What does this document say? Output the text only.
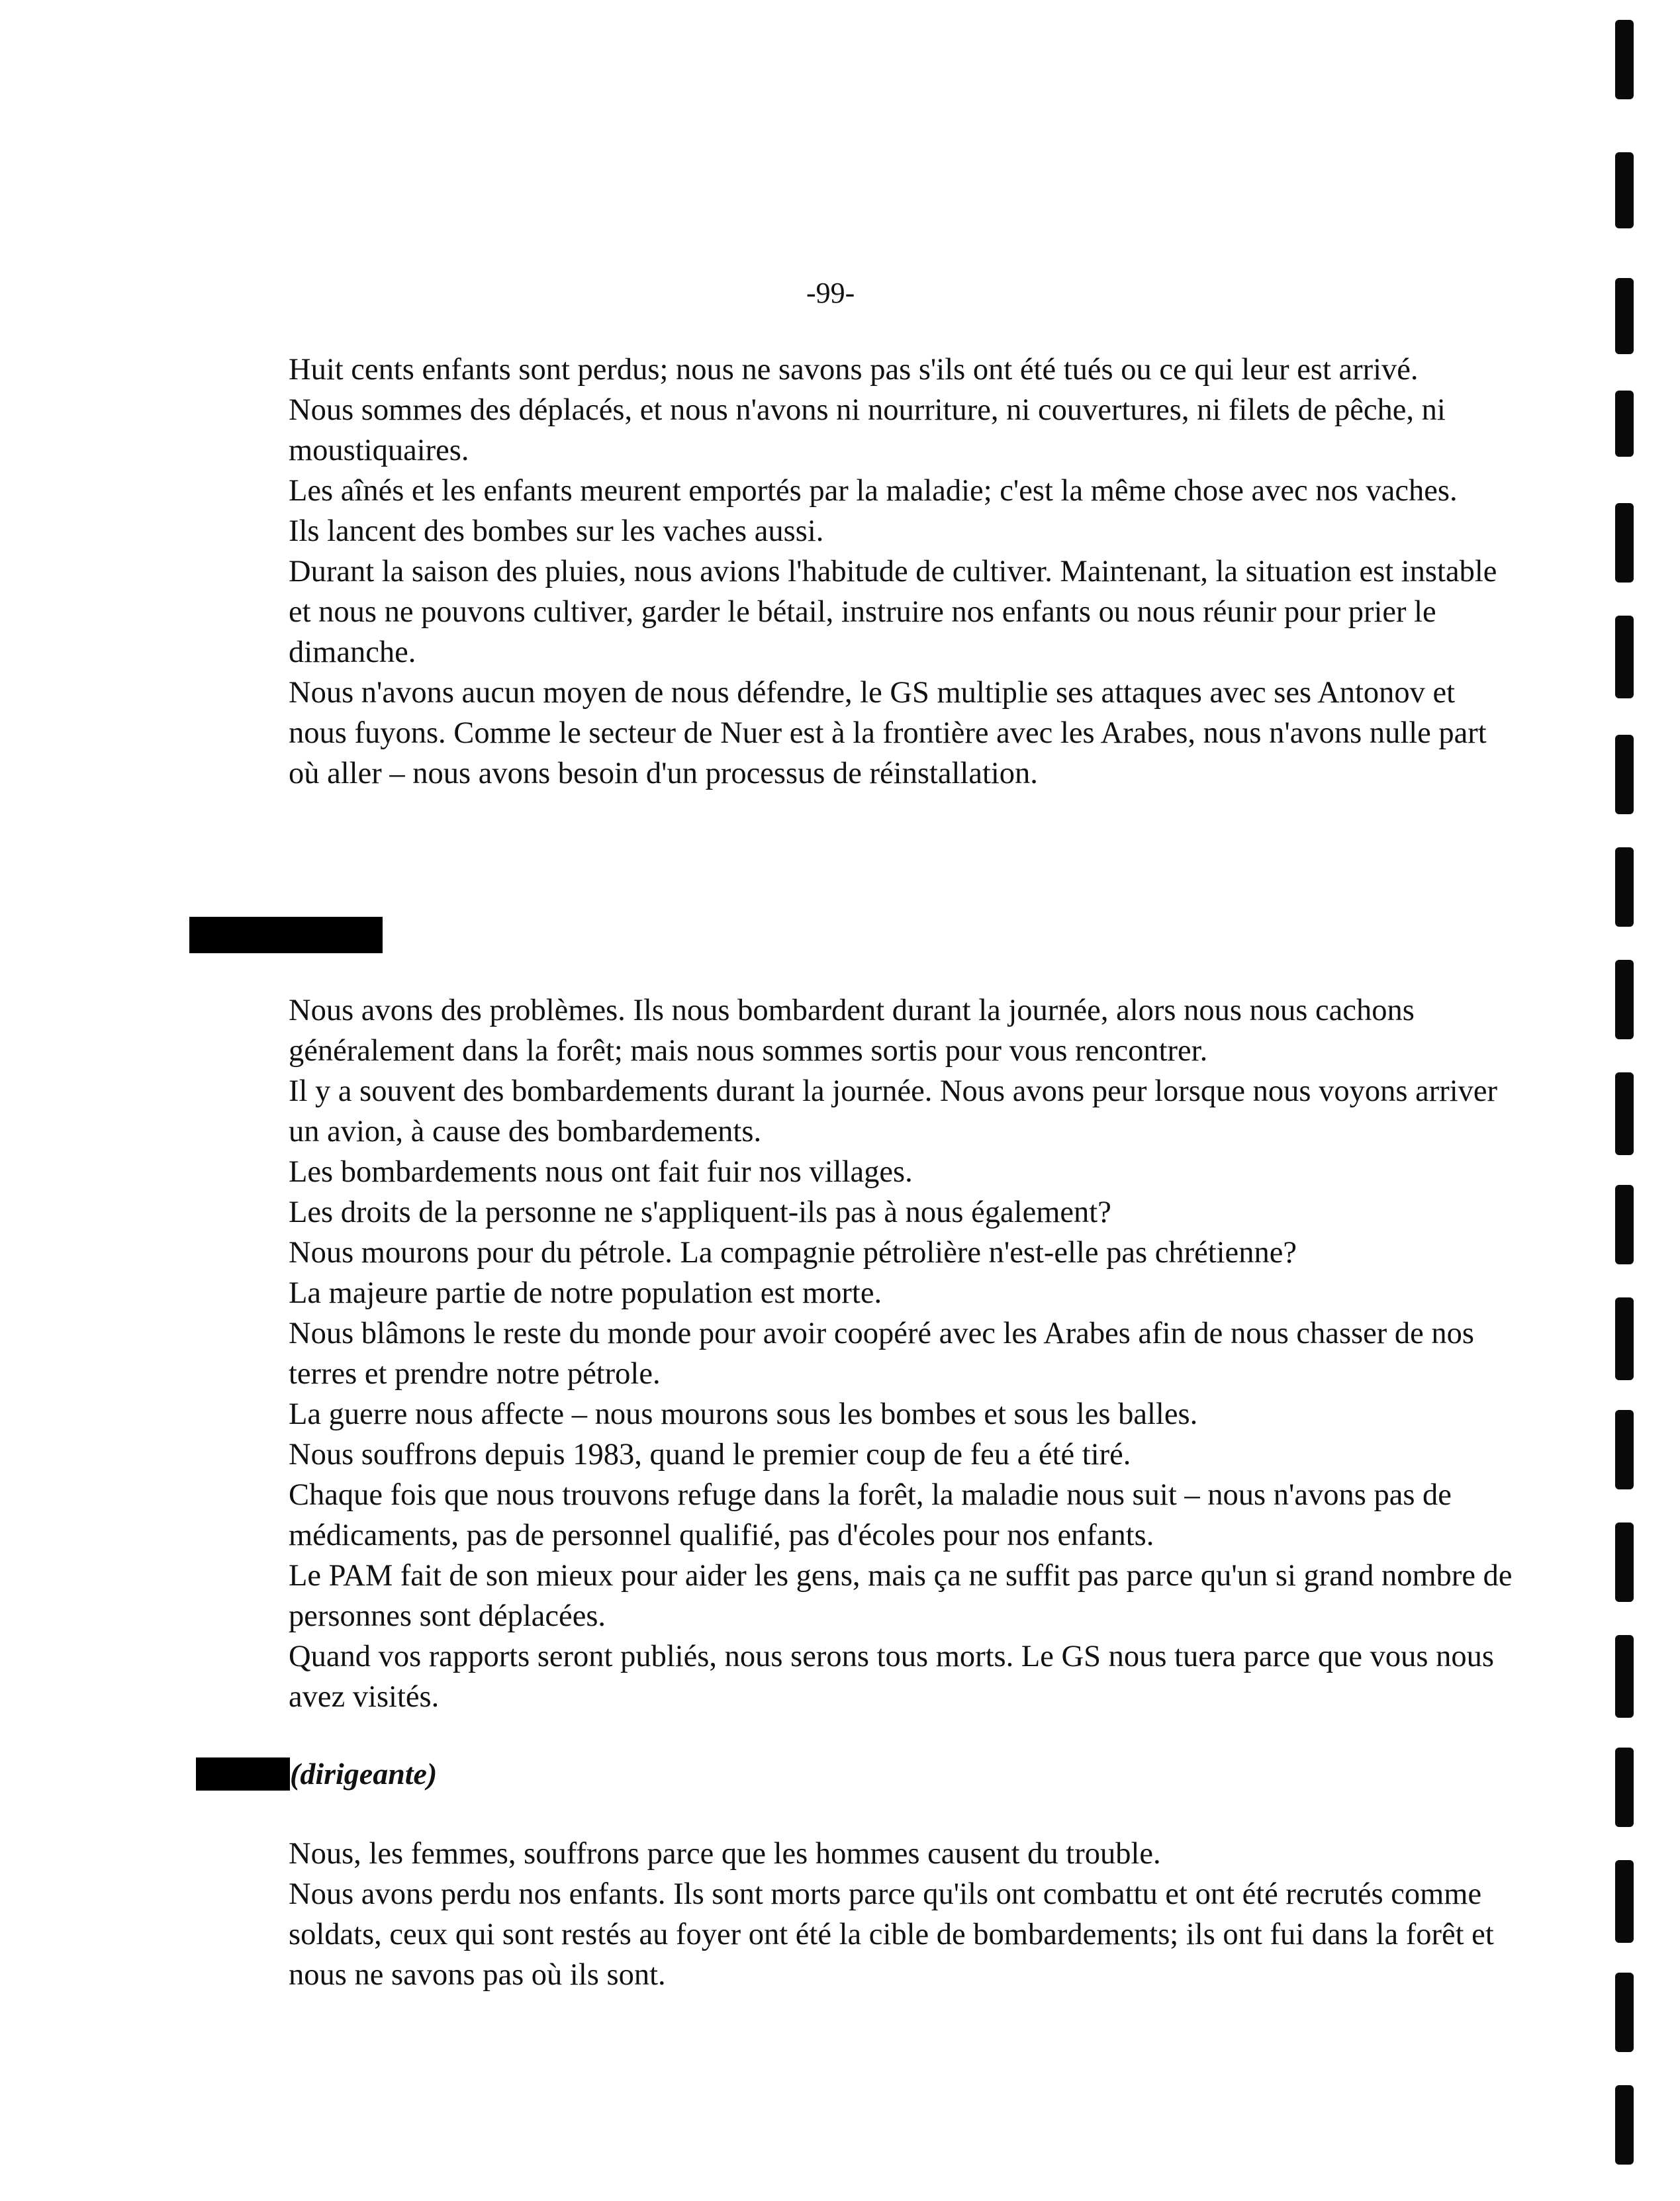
-99-

Huit cents enfants sont perdus; nous ne savons pas s'ils ont été tués ou ce qui leur est arrivé.

Nous sommes des déplacés, et nous n'avons ni nourriture, ni couvertures, ni filets de pêche, ni moustiquaires.

Les aînés et les enfants meurent emportés par la maladie; c'est la même chose avec nos vaches.

Ils lancent des bombes sur les vaches aussi.

Durant la saison des pluies, nous avions l'habitude de cultiver. Maintenant, la situation est instable et nous ne pouvons cultiver, garder le bétail, instruire nos enfants ou nous réunir pour prier le dimanche.

Nous n'avons aucun moyen de nous défendre, le GS multiplie ses attaques avec ses Antonov et nous fuyons. Comme le secteur de Nuer est à la frontière avec les Arabes, nous n'avons nulle part où aller – nous avons besoin d'un processus de réinstallation.

Nous avons des problèmes. Ils nous bombardent durant la journée, alors nous nous cachons généralement dans la forêt; mais nous sommes sortis pour vous rencontrer.

Il y a souvent des bombardements durant la journée. Nous avons peur lorsque nous voyons arriver un avion, à cause des bombardements.

Les bombardements nous ont fait fuir nos villages.

Les droits de la personne ne s'appliquent-ils pas à nous également?

Nous mourons pour du pétrole. La compagnie pétrolière n'est-elle pas chrétienne?

La majeure partie de notre population est morte.

Nous blâmons le reste du monde pour avoir coopéré avec les Arabes afin de nous chasser de nos terres et prendre notre pétrole.

La guerre nous affecte – nous mourons sous les bombes et sous les balles.

Nous souffrons depuis 1983, quand le premier coup de feu a été tiré.

Chaque fois que nous trouvons refuge dans la forêt, la maladie nous suit – nous n'avons pas de médicaments, pas de personnel qualifié, pas d'écoles pour nos enfants.

Le PAM fait de son mieux pour aider les gens, mais ça ne suffit pas parce qu'un si grand nombre de personnes sont déplacées.

Quand vos rapports seront publiés, nous serons tous morts. Le GS nous tuera parce que vous nous avez visités.

(dirigeante)

Nous, les femmes, souffrons parce que les hommes causent du trouble.

Nous avons perdu nos enfants. Ils sont morts parce qu'ils ont combattu et ont été recrutés comme soldats, ceux qui sont restés au foyer ont été la cible de bombardements; ils ont fui dans la forêt et nous ne savons pas où ils sont.
